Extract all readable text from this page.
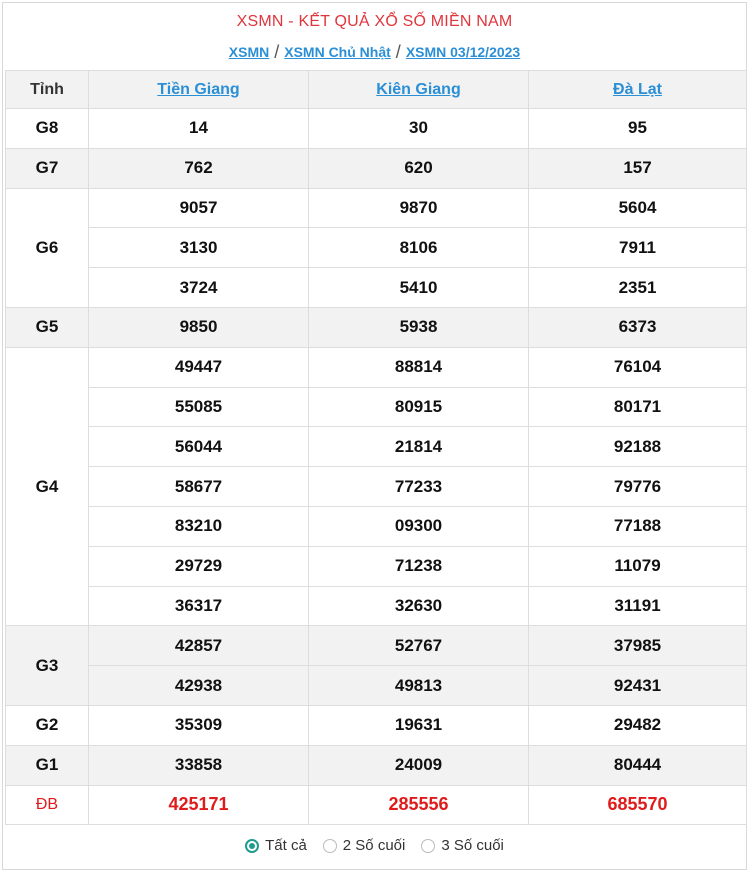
XSMN - KẾT QUẢ XỔ SỐ MIỀN NAM
XSMN / XSMN Chủ Nhật / XSMN 03/12/2023
Tỉnh	Tiền Giang	Kiên Giang	Đà Lạt
G8	14	30	95
G7	762	620	157
G6	9057	9870	5604
	3130	8106	7911
	3724	5410	2351
G5	9850	5938	6373
G4	49447	88814	76104
	55085	80915	80171
	56044	21814	92188
	58677	77233	79776
	83210	09300	77188
	29729	71238	11079
	36317	32630	31191
G3	42857	52767	37985
	42938	49813	92431
G2	35309	19631	29482
G1	33858	24009	80444
ĐB	425171	285556	685570
Tất cả 2 Số cuối 3 Số cuối
